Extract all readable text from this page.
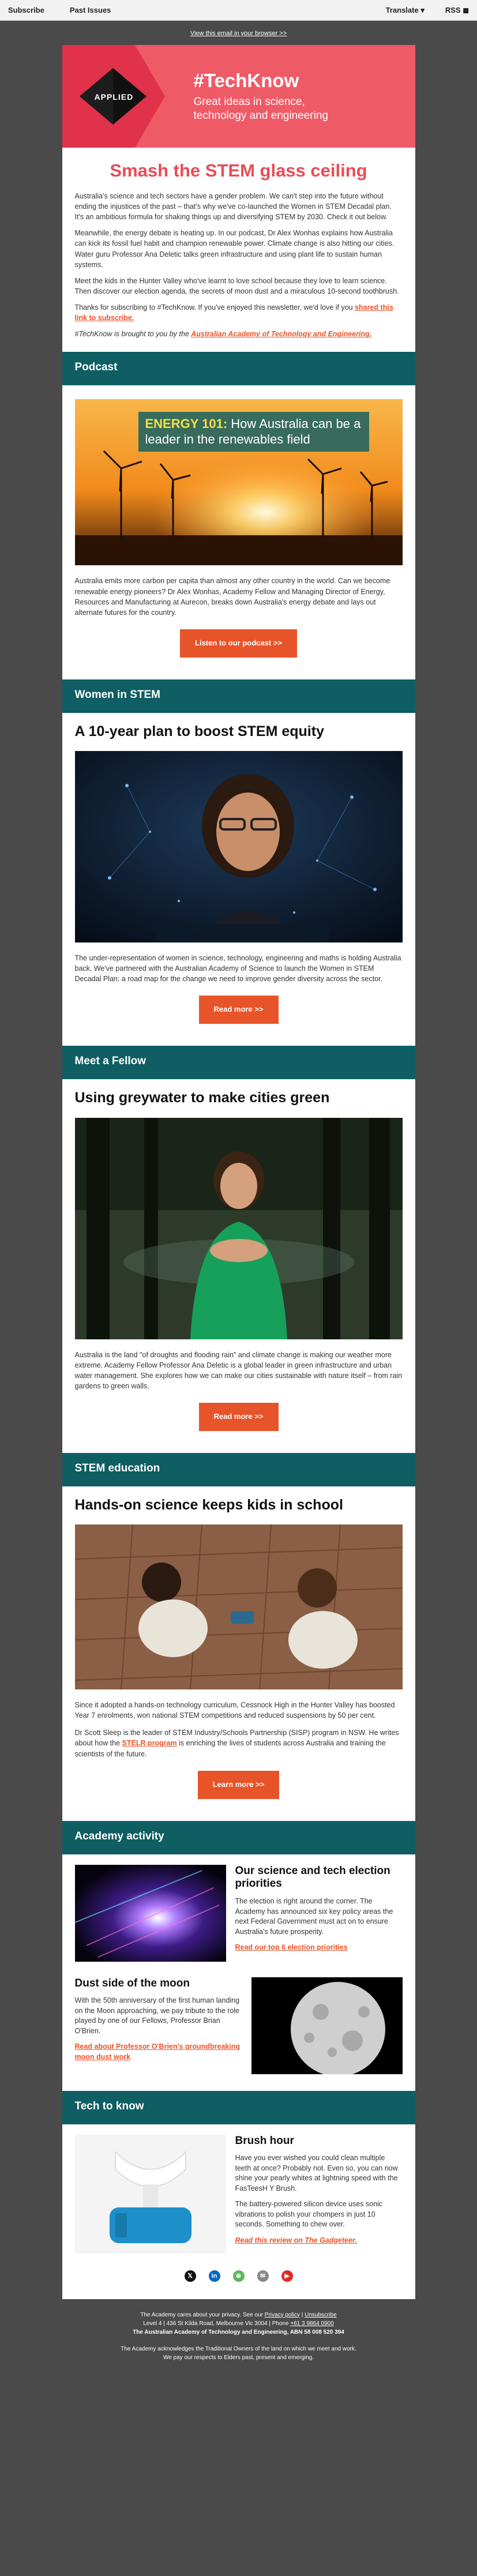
Subscribe	Past Issues	Translate ▾	RSS ◼
View this email in your browser >>
APPLIED
#TechKnow
Great ideas in science, technology and engineering
Smash the STEM glass ceiling

Australia's science and tech sectors have a gender problem. We can't step into the future without ending the injustices of the past – that's why we've co-launched the Women in STEM Decadal plan. It's an ambitious formula for shaking things up and diversifying STEM by 2030. Check it out below.

Meanwhile, the energy debate is heating up. In our podcast, Dr Alex Wonhas explains how Australia can kick its fossil fuel habit and champion renewable power. Climate change is also hitting our cities. Water guru Professor Ana Deletic talks green infrastructure and using plant life to sustain human systems.

Meet the kids in the Hunter Valley who've learnt to love school because they love to learn science. Then discover our election agenda, the secrets of moon dust and a miraculous 10-second toothbrush.

Thanks for subscribing to #TechKnow. If you've enjoyed this newsletter, we'd love if you shared this link to subscribe.

#TechKnow is brought to you by the Australian Academy of Technology and Engineering.

Podcast
ENERGY 101: How Australia can be a leader in the renewables field

Australia emits more carbon per capita than almost any other country in the world. Can we become renewable energy pioneers? Dr Alex Wonhas, Academy Fellow and Managing Director of Energy, Resources and Manufacturing at Aurecon, breaks down Australia's energy debate and lays out alternate futures for the country.

Listen to our podcast >>
Women in STEM
A 10-year plan to boost STEM equity

The under-representation of women in science, technology, engineering and maths is holding Australia back. We've partnered with the Australian Academy of Science to launch the Women in STEM Decadal Plan: a road map for the change we need to improve gender diversity across the sector.

Read more >>
Meet a Fellow
Using greywater to make cities green

Australia is the land "of droughts and flooding rain" and climate change is making our weather more extreme. Academy Fellow Professor Ana Deletic is a global leader in green infrastructure and urban water management. She explores how we can make our cities sustainable with nature itself – from rain gardens to green walls.

Read more >>
STEM education
Hands-on science keeps kids in school

Since it adopted a hands-on technology curriculum, Cessnock High in the Hunter Valley has boosted Year 7 enrolments, won national STEM competitions and reduced suspensions by 50 per cent.

Dr Scott Sleep is the leader of STEM Industry/Schools Partnership (SISP) program in NSW. He writes about how the STELR program is enriching the lives of students across Australia and training the scientists of the future.

Learn more >>
Academy activity
Our science and tech election priorities

The election is right around the corner. The Academy has announced six key policy areas the next Federal Government must act on to ensure Australia's future prosperity.

Read our top 6 election priorities
Dust side of the moon

With the 50th anniversary of the first human landing on the Moon approaching, we pay tribute to the role played by one of our Fellows, Professor Brian O'Brien.

Read about Professor O'Brien's groundbreaking moon dust work
Tech to know
Brush hour

Have you ever wished you could clean multiple teeth at once? Probably not. Even so, you can now shine your pearly whites at lightning speed with the FasTeesH Y Brush.

The battery-powered silicon device uses sonic vibrations to polish your chompers in just 10 seconds. Something to chew over.

Read this review on The Gadgeteer.
𝕏	in	⊕	✉	▶
The Academy cares about your privacy. See our Privacy policy | Unsubscribe
Level 4 | 436 St Kilda Road, Melbourne Vic 3004 | Phone +61 3 9864 0900
The Australian Academy of Technology and Engineering, ABN 58 008 520 394
The Academy acknowledges the Traditional Owners of the land on which we meet and work.
We pay our respects to Elders past, present and emerging.
